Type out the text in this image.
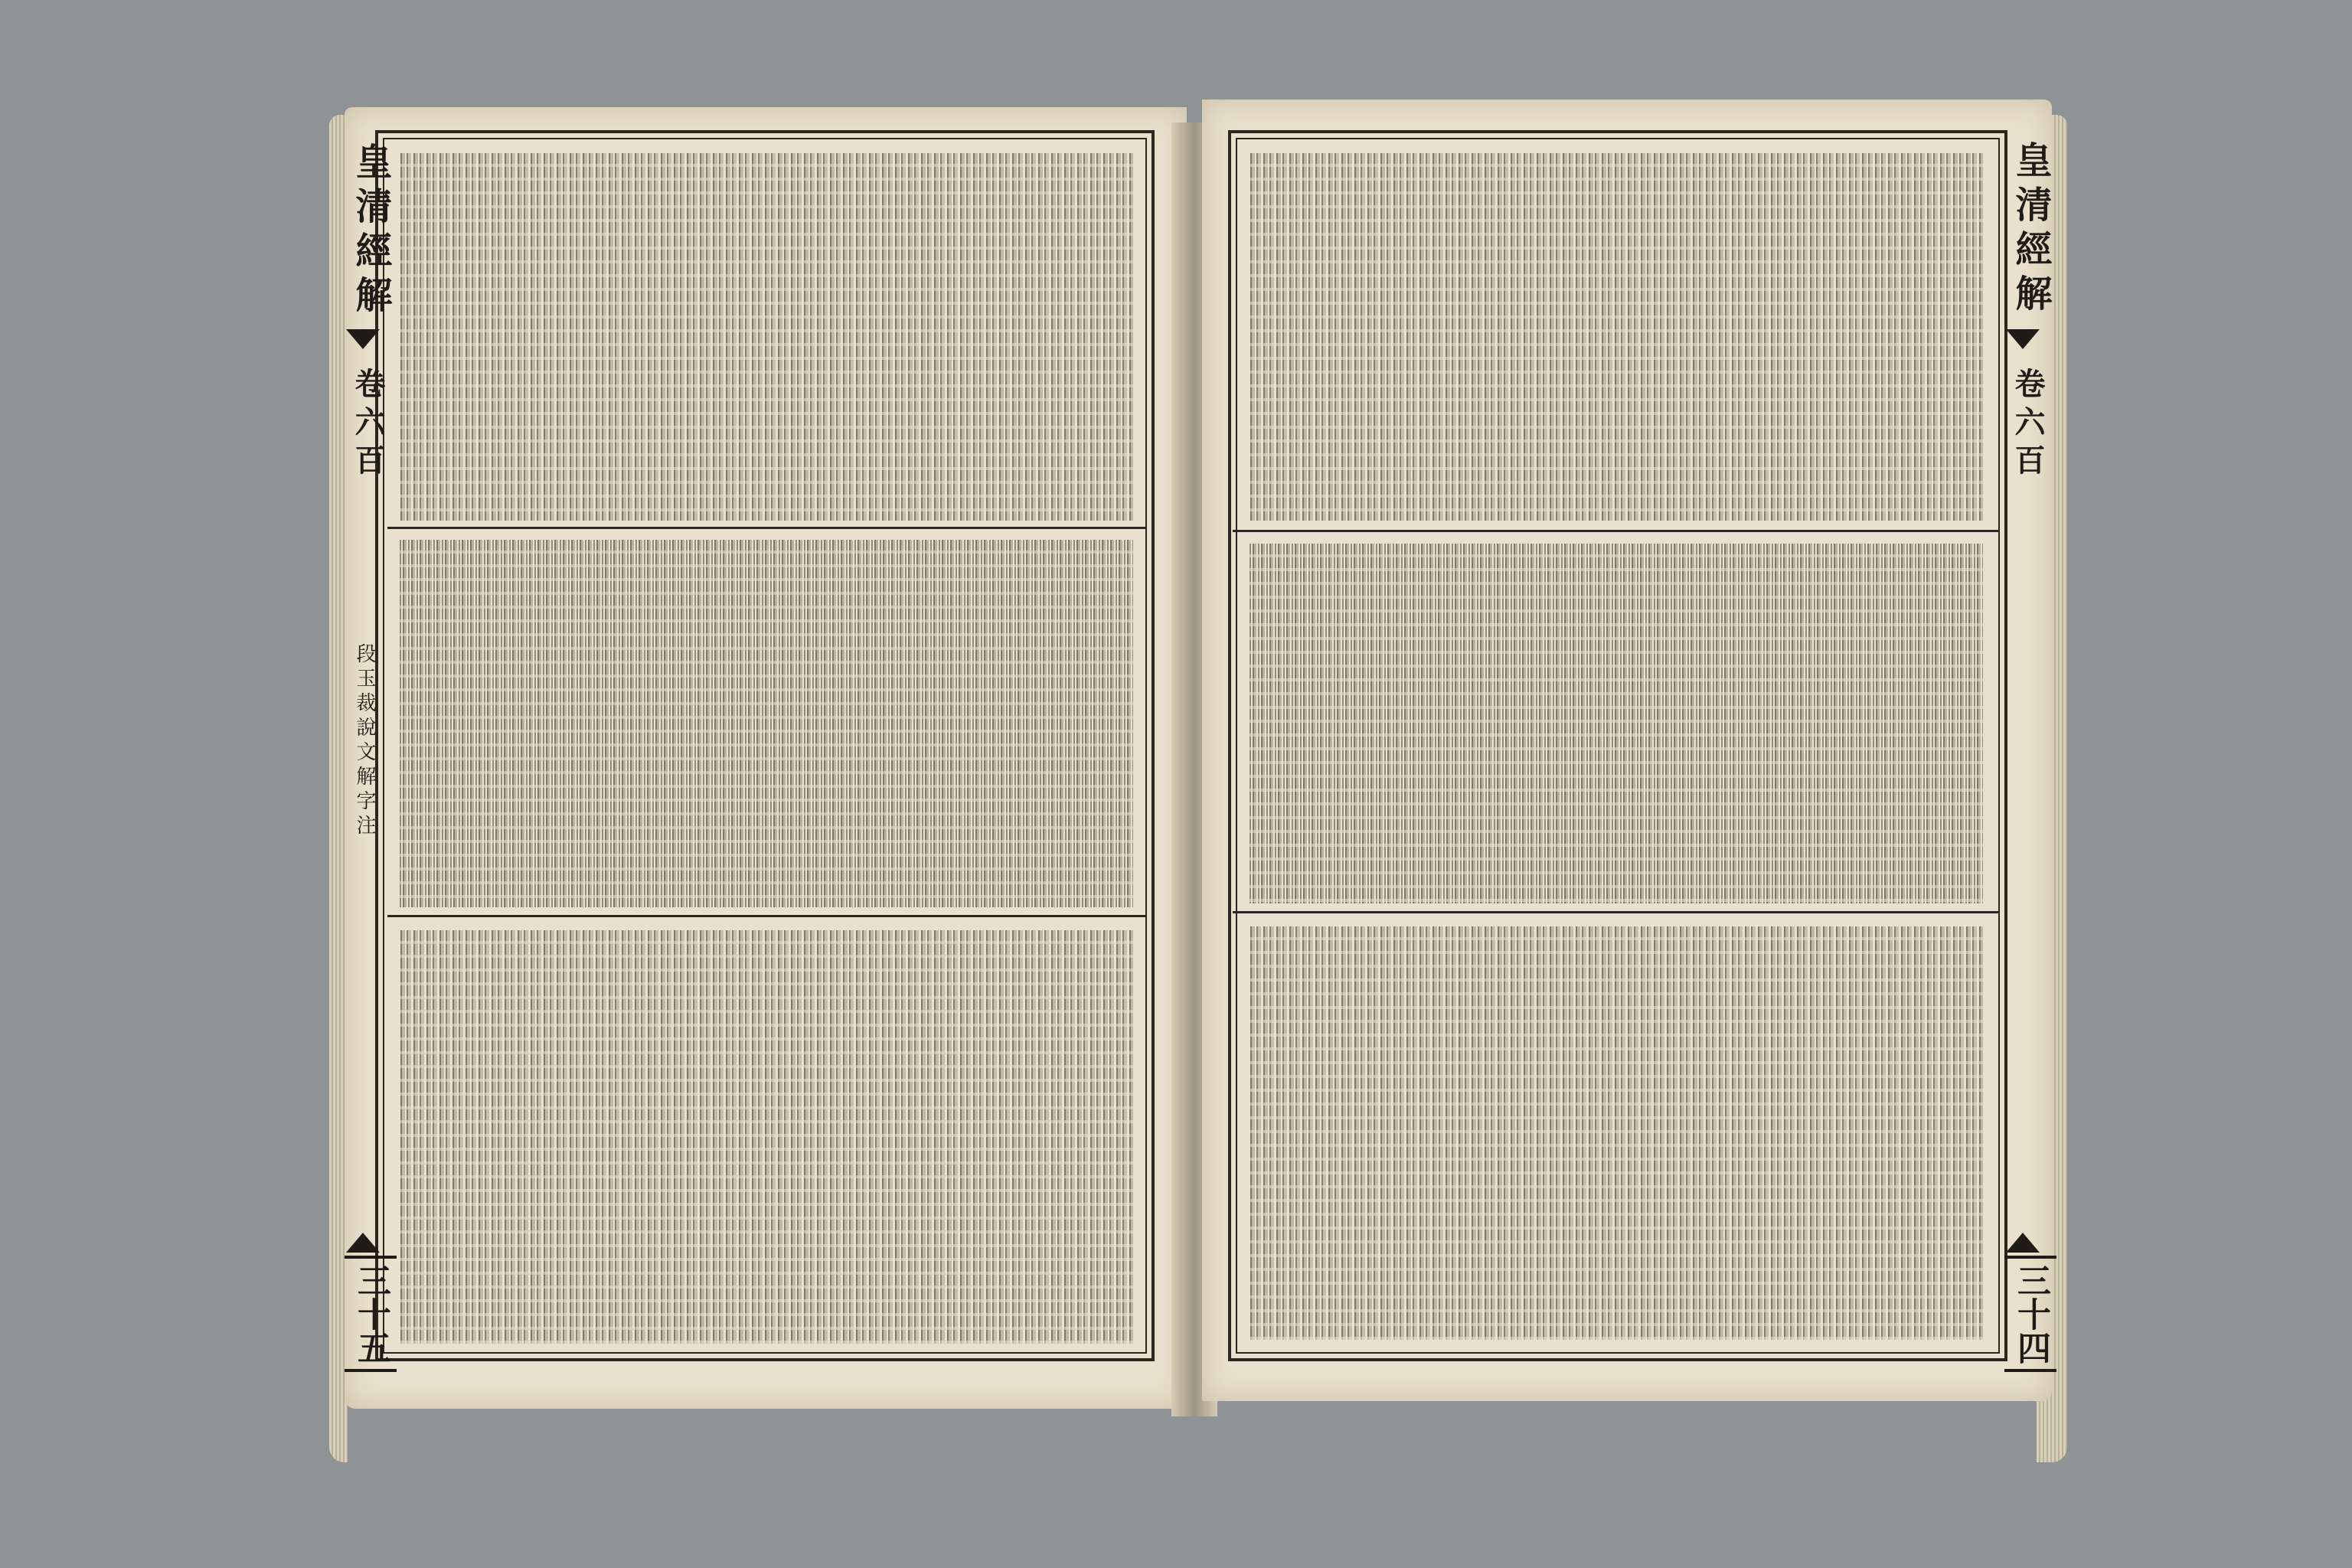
皇清經解
卷六百
段玉裁說文解字注
三十五
皇清經解
卷六百
三十四
